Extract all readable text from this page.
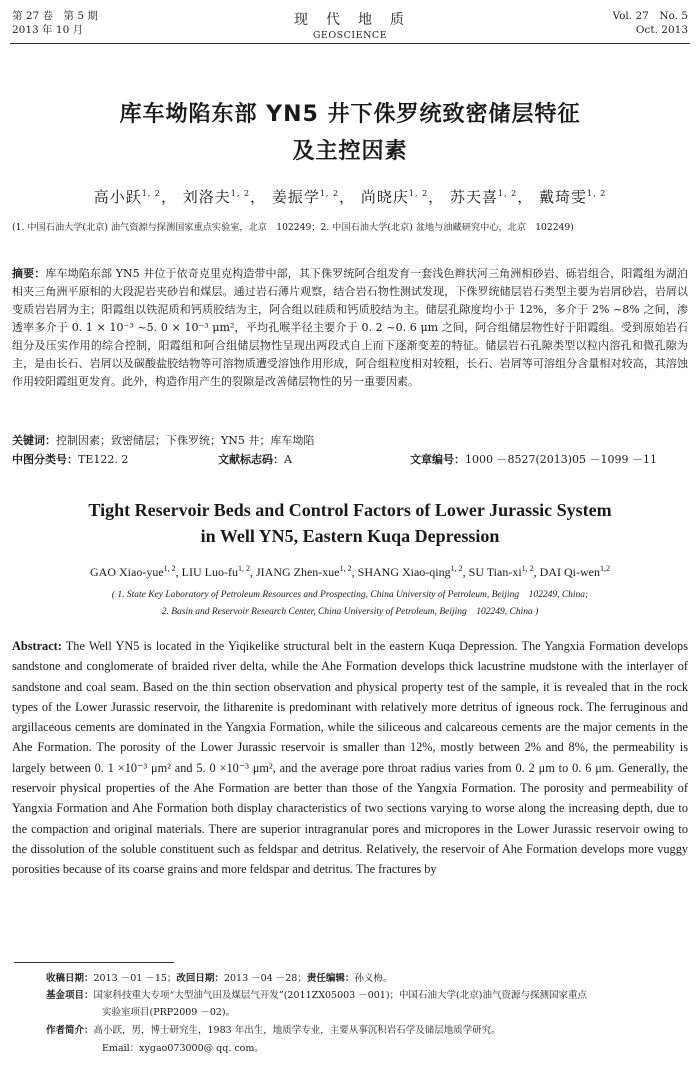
第 27 卷　第 5 期
2013 年 10 月
现　代　地　质
GEOSCIENCE
Vol. 27　No. 5
Oct. 2013
库车坳陷东部 YN5 井下侏罗统致密储层特征
及主控因素
高小跃$^{1, 2}$， 刘洛夫$^{1, 2}$， 姜振学$^{1, 2}$， 尚晓庆$^{1, 2}$， 苏天喜$^{1, 2}$， 戴琦雯$^{1, 2}$
(1. 中国石油大学(北京) 油气资源与探测国家重点实验室，北京　102249；2. 中国石油大学(北京) 盆地与油藏研究中心，北京　102249)
摘要：库车坳陷东部 YN5 井位于依奇克里克构造带中部，其下侏罗统阿合组发育一套浅色辫状河三角洲相砂岩、砾岩组合，阳霞组为湖泊相夹三角洲平原相的大段泥岩夹砂岩和煤层。通过岩石薄片观察，结合岩石物性测试发现，下侏罗统储层岩石类型主要为岩屑砂岩，岩屑以变质岩岩屑为主；阳霞组以铁泥质和钙质胶结为主，阿合组以硅质和钙质胶结为主。储层孔隙度均小于 12%，多介于 2% ~8% 之间，渗透率多介于 0. 1 × 10⁻³ ~5. 0 × 10⁻³ μm²，平均孔喉半径主要介于 0. 2 ~0. 6 μm 之间，阿合组储层物性好于阳霞组。受到原始岩石组分及压实作用的综合控制，阳霞组和阿合组储层物性呈现出两段式自上而下逐渐变差的特征。储层岩石孔隙类型以粒内溶孔和微孔隙为主，是由长石、岩屑以及碳酸盐胶结物等可溶物质遭受溶蚀作用形成，阿合组粒度相对较粗，长石、岩屑等可溶组分含量相对较高，其溶蚀作用较阳霞组更发育。此外，构造作用产生的裂隙是改善储层物性的另一重要因素。
关键词：控制因素；致密储层；下侏罗统；YN5 井；库车坳陷
中图分类号：TE122. 2	文献标志码：A	文章编号：1000 －8527(2013)05 －1099 －11
Tight Reservoir Beds and Control Factors of Lower Jurassic System
in Well YN5, Eastern Kuqa Depression
GAO Xiao-yue$^{1, 2}$, LIU Luo-fu$^{1, 2}$, JIANG Zhen-xue$^{1, 2}$, SHANG Xiao-qing$^{1, 2}$, SU Tian-xi$^{1, 2}$, DAI Qi-wen$^{1,2}$
( 1. State Key Laboratory of Petroleum Resources and Prospecting, China University of Petroleum, Beijing　102249, China;
2. Basin and Reservoir Research Center, China University of Petroleum, Beijing　102249, China )
Abstract: The Well YN5 is located in the Yiqikelike structural belt in the eastern Kuqa Depression. The Yangxia Formation develops sandstone and conglomerate of braided river delta, while the Ahe Formation develops thick lacustrine mudstone with the interlayer of sandstone and coal seam. Based on the thin section observation and physical property test of the sample, it is revealed that in the rock types of the Lower Jurassic reservoir, the litharenite is predominant with relatively more detritus of igneous rock. The ferruginous and argillaceous cements are dominated in the Yangxia Formation, while the siliceous and calcareous cements are the major cements in the Ahe Formation. The porosity of the Lower Jurassic reservoir is smaller than 12%, mostly between 2% and 8%, the permeability is largely between 0. 1 ×10⁻³ μm² and 5. 0 ×10⁻³ μm², and the average pore throat radius varies from 0. 2 μm to 0. 6 μm. Generally, the reservoir physical properties of the Ahe Formation are better than those of the Yangxia Formation. The porosity and permeability of Yangxia Formation and Ahe Formation both display characteristics of two sections varying to worse along the increasing depth, due to the compaction and original materials. There are superior intragranular pores and micropores in the Lower Jurassic reservoir owing to the dissolution of the soluble constituent such as feldspar and detritus. Relatively, the reservoir of Ahe Formation develops more vuggy porosities because of its coarse grains and more feldspar and detritus. The fractures by
收稿日期：2013 －01 －15；改回日期：2013 －04 －28；责任编辑：孙义梅。
基金项目：国家科技重大专项“大型油气田及煤层气开发”(2011ZX05003 －001)；中国石油大学(北京)油气资源与探测国家重点
实验室项目(PRP2009 －02)。
作者简介：高小跃，男，博士研究生，1983 年出生，地质学专业，主要从事沉积岩石学及储层地质学研究。
Email：xygao073000@ qq. com。
